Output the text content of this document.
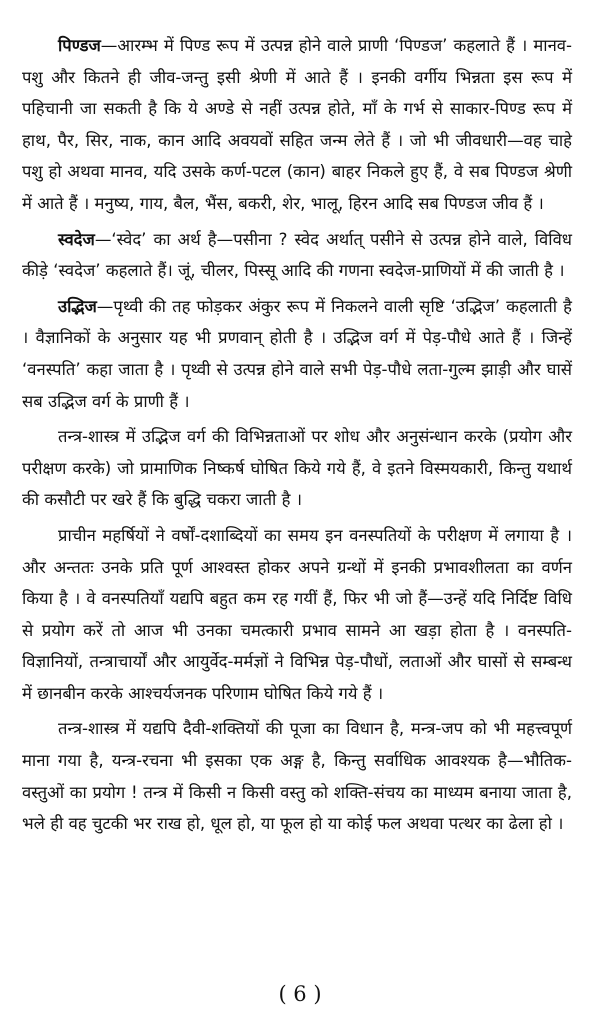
पिण्डज—आरम्भ में पिण्ड रूप में उत्पन्न होने वाले प्राणी ‘पिण्डज’ कहलाते हैं । मानव-पशु और कितने ही जीव-जन्तु इसी श्रेणी में आते हैं । इनकी वर्गीय भिन्नता इस रूप में पहिचानी जा सकती है कि ये अण्डे से नहीं उत्पन्न होते, माँ के गर्भ से साकार-पिण्ड रूप में हाथ, पैर, सिर, नाक, कान आदि अवयवों सहित जन्म लेते हैं । जो भी जीवधारी—वह चाहे पशु हो अथवा मानव, यदि उसके कर्ण-पटल (कान) बाहर निकले हुए हैं, वे सब पिण्डज श्रेणी में आते हैं । मनुष्य, गाय, बैल, भैंस, बकरी, शेर, भालू, हिरन आदि सब पिण्डज जीव हैं ।

स्वदेज—‘स्वेद’ का अर्थ है—पसीना ? स्वेद अर्थात् पसीने से उत्पन्न होने वाले, विविध कीड़े ‘स्वदेज’ कहलाते हैं। जूं, चीलर, पिस्सू आदि की गणना स्वदेज-प्राणियों में की जाती है ।

उद्भिज—पृथ्वी की तह फोड़कर अंकुर रूप में निकलने वाली सृष्टि ‘उद्भिज’ कहलाती है । वैज्ञानिकों के अनुसार यह भी प्रणवान् होती है । उद्भिज वर्ग में पेड़-पौधे आते हैं । जिन्हें ‘वनस्पति’ कहा जाता है । पृथ्वी से उत्पन्न होने वाले सभी पेड़-पौधे लता-गुल्म झाड़ी और घासें सब उद्भिज वर्ग के प्राणी हैं ।

तन्त्र-शास्त्र में उद्भिज वर्ग की विभिन्नताओं पर शोध और अनुसंन्धान करके (प्रयोग और परीक्षण करके) जो प्रामाणिक निष्कर्ष घोषित किये गये हैं, वे इतने विस्मयकारी, किन्तु यथार्थ की कसौटी पर खरे हैं कि बुद्धि चकरा जाती है ।

प्राचीन महर्षियों ने वर्षों-दशाब्दियों का समय इन वनस्पतियों के परीक्षण में लगाया है । और अन्ततः उनके प्रति पूर्ण आश्वस्त होकर अपने ग्रन्थों में इनकी प्रभावशीलता का वर्णन किया है । वे वनस्पतियाँ यद्यपि बहुत कम रह गयीं हैं, फिर भी जो हैं—उन्हें यदि निर्दिष्ट विधि से प्रयोग करें तो आज भी उनका चमत्कारी प्रभाव सामने आ खड़ा होता है । वनस्पति-विज्ञानियों, तन्त्राचार्यों और आयुर्वेद-मर्मज्ञों ने विभिन्न पेड़-पौधों, लताओं और घासों से सम्बन्ध में छानबीन करके आश्चर्यजनक परिणाम घोषित किये गये हैं ।

तन्त्र-शास्त्र में यद्यपि दैवी-शक्तियों की पूजा का विधान है, मन्त्र-जप को भी महत्त्वपूर्ण माना गया है, यन्त्र-रचना भी इसका एक अङ्ग है, किन्तु सर्वाधिक आवश्यक है—भौतिक-वस्तुओं का प्रयोग ! तन्त्र में किसी न किसी वस्तु को शक्ति-संचय का माध्यम बनाया जाता है, भले ही वह चुटकी भर राख हो, धूल हो, या फूल हो या कोई फल अथवा पत्थर का ढेला हो ।

( 6 )
